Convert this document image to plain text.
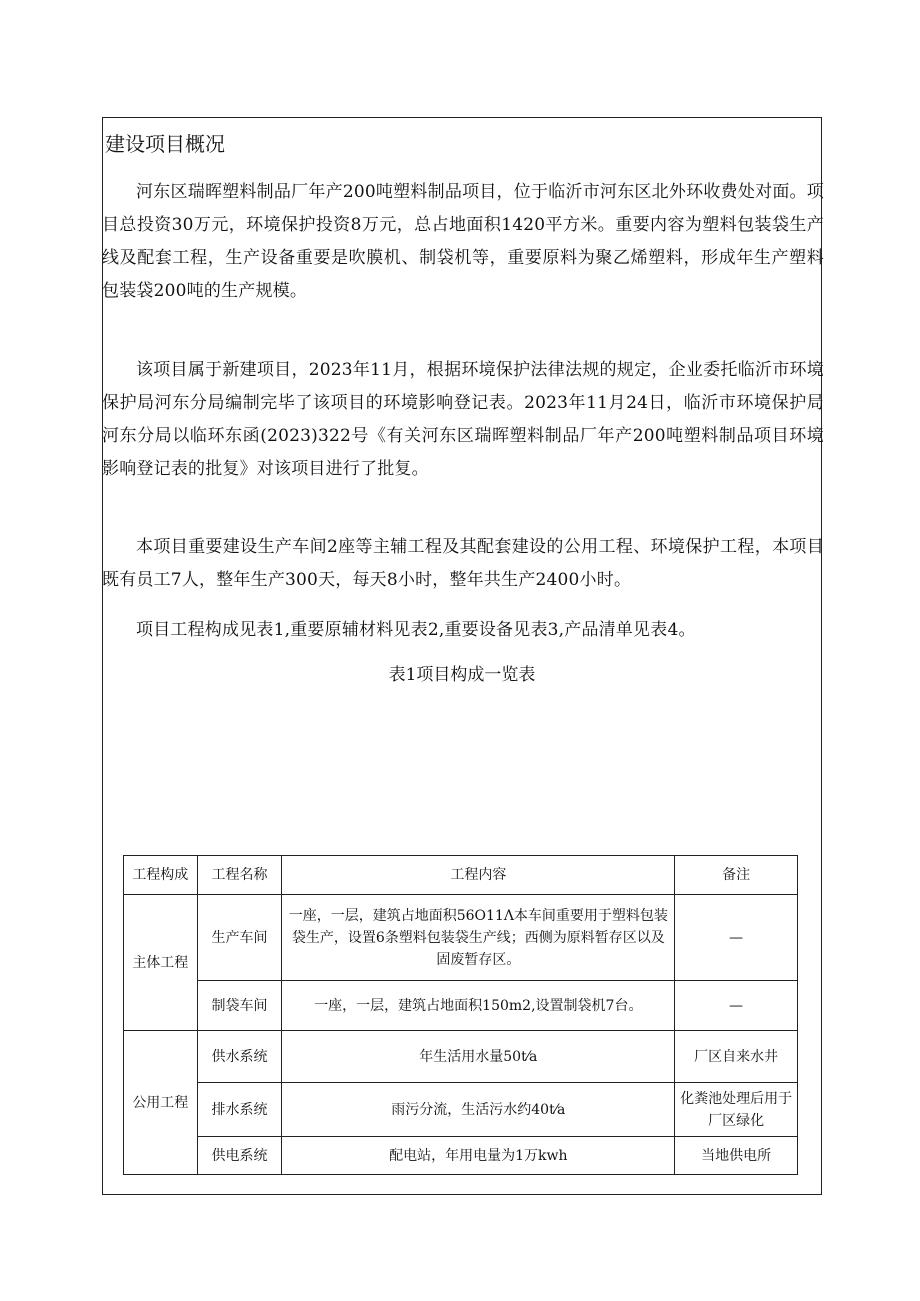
建设项目概况

河东区瑞晖塑料制品厂年产200吨塑料制品项目，位于临沂市河东区北外环收费处对面。项目总投资30万元，环境保护投资8万元，总占地面积1420平方米。重要内容为塑料包装袋生产线及配套工程，生产设备重要是吹膜机、制袋机等，重要原料为聚乙烯塑料，形成年生产塑料包装袋200吨的生产规模。

该项目属于新建项目，2023年11月，根据环境保护法律法规的规定，企业委托临沂市环境保护局河东分局编制完毕了该项目的环境影响登记表。2023年11月24日，临沂市环境保护局河东分局以临环东函(2023)322号《有关河东区瑞晖塑料制品厂年产200吨塑料制品项目环境影响登记表的批复》对该项目进行了批复。

本项目重要建设生产车间2座等主辅工程及其配套建设的公用工程、环境保护工程，本项目既有员工7人，整年生产300天，每天8小时，整年共生产2400小时。

项目工程构成见表1,重要原辅材料见表2,重要设备见表3,产品清单见表4。

表1项目构成一览表
工程构成	工程名称	工程内容	备注
主体工程	生产车间	一座，一层，建筑占地面积56O11Λ本车间重要用于塑料包装袋生产，设置6条塑料包装袋生产线；西侧为原料暂存区以及固废暂存区。	—
	制袋车间	一座，一层，建筑占地面积150m2,设置制袋机7台。	—
公用工程	供水系统	年生活用水量50t⁄a	厂区自来水井
	排水系统	雨污分流，生活污水约40t⁄a	化粪池处理后用于厂区绿化
	供电系统	配电站，年用电量为1万kwh	当地供电所
